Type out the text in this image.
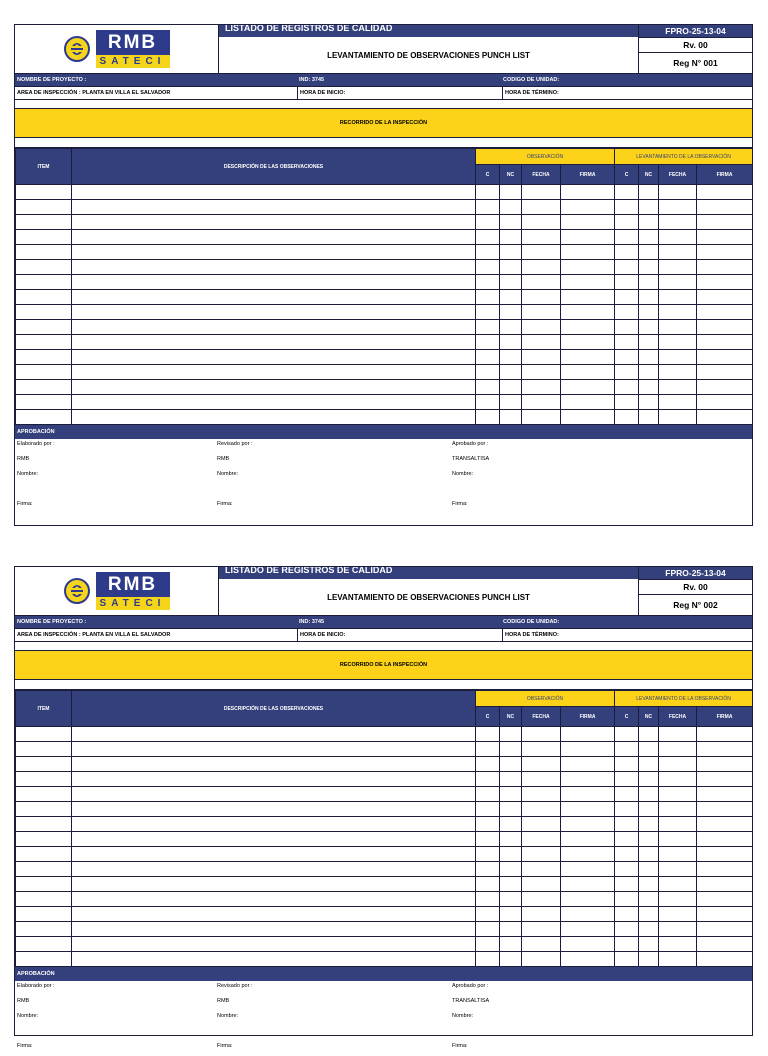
RMB
SATECI
LISTADO DE REGISTROS DE CALIDAD
LEVANTAMIENTO DE OBSERVACIONES PUNCH LIST
FPRO-25-13-04
Rv. 00
Reg N° 001
NOMBRE DE PROYECTO :	IND: 3745	CODIGO DE UNIDAD:
AREA DE INSPECCIÓN : PLANTA EN VILLA EL SALVADOR	HORA DE INICIO:	HORA DE TÉRMINO:
RECORRIDO DE LA INSPECCIÓN
ITEM	DESCRIPCIÓN DE LAS OBSERVACIONES	OBSERVACIÓN				LEVANTAMIENTO DE LA OBSERVACIÓN			
		C	NC	FECHA	FIRMA	C	NC	FECHA	FIRMA

APROBACIÓN
Elaborado por :
RMB
Nombre:
Firma:
Revisado por :
RMB
Nombre:
Firma:
Aprobado por :
TRANSALTISA
Nombre:
Firma:
RMB
SATECI
LISTADO DE REGISTROS DE CALIDAD
LEVANTAMIENTO DE OBSERVACIONES PUNCH LIST
FPRO-25-13-04
Rv. 00
Reg N° 002
NOMBRE DE PROYECTO :	IND: 3745	CODIGO DE UNIDAD:
AREA DE INSPECCIÓN : PLANTA EN VILLA EL SALVADOR	HORA DE INICIO:	HORA DE TÉRMINO:
RECORRIDO DE LA INSPECCIÓN
ITEM	DESCRIPCIÓN DE LAS OBSERVACIONES	OBSERVACIÓN				LEVANTAMIENTO DE LA OBSERVACIÓN			
		C	NC	FECHA	FIRMA	C	NC	FECHA	FIRMA

APROBACIÓN
Elaborado por :
RMB
Nombre:
Firma:
Revisado por :
RMB
Nombre:
Firma:
Aprobado por :
TRANSALTISA
Nombre:
Firma:
